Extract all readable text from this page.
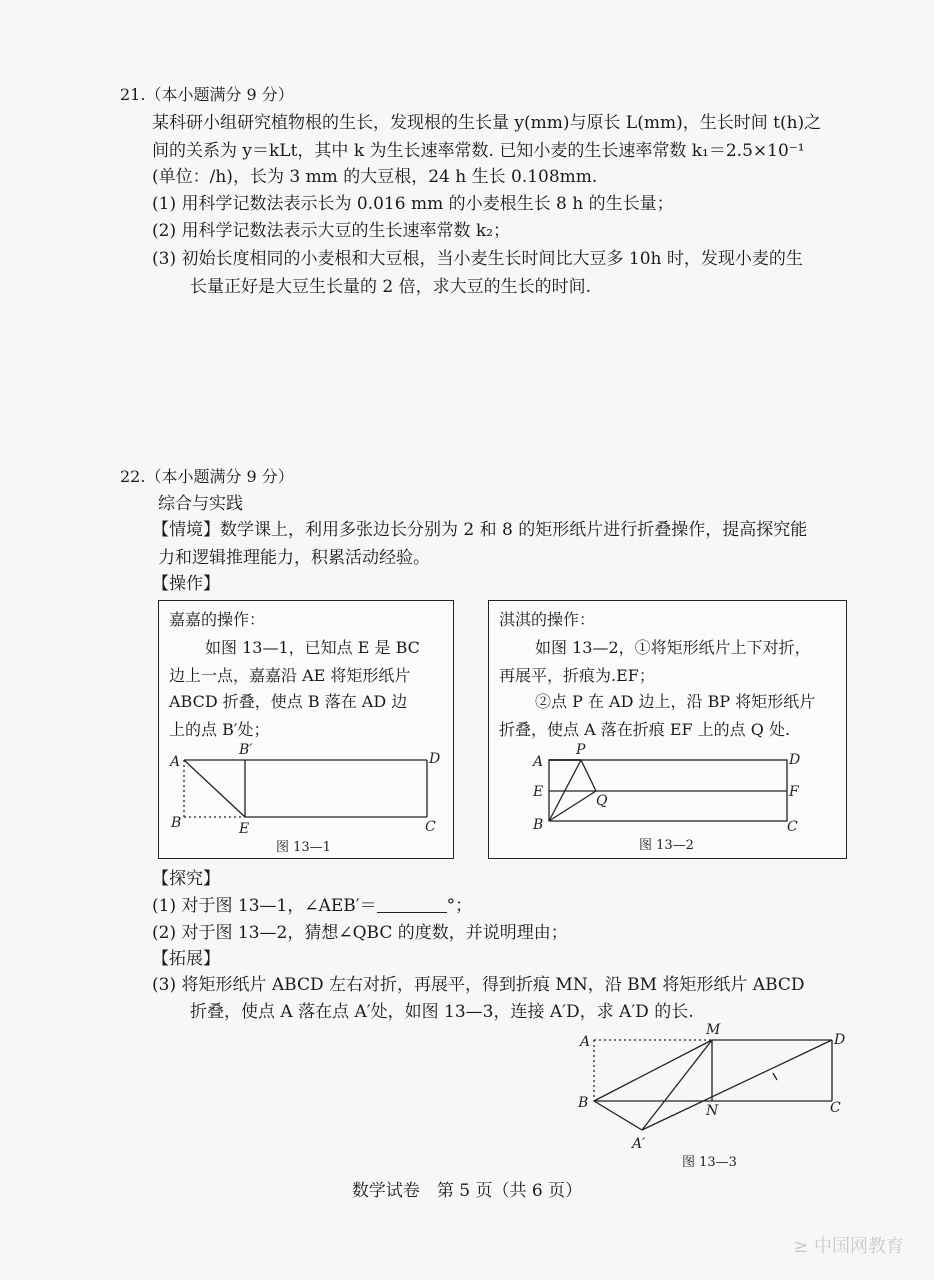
21.（本小题满分 9 分）
某科研小组研究植物根的生长，发现根的生长量 y(mm)与原长 L(mm)，生长时间 t(h)之
间的关系为 y＝kLt，其中 k 为生长速率常数. 已知小麦的生长速率常数 k₁＝2.5×10⁻¹
(单位：/h)，长为 3 mm 的大豆根，24 h 生长 0.108mm.
(1) 用科学记数法表示长为 0.016 mm 的小麦根生长 8 h 的生长量；
(2) 用科学记数法表示大豆的生长速率常数 k₂；
(3) 初始长度相同的小麦根和大豆根，当小麦生长时间比大豆多 10h 时，发现小麦的生
长量正好是大豆生长量的 2 倍，求大豆的生长的时间.
22.（本小题满分 9 分）
综合与实践
【情境】数学课上，利用多张边长分别为 2 和 8 的矩形纸片进行折叠操作，提高探究能
力和逻辑推理能力，积累活动经验。
【操作】
嘉嘉的操作：
如图 13—1，已知点 E 是 BC
边上一点，嘉嘉沿 AE 将矩形纸片
ABCD 折叠，使点 B 落在 AD 边
上的点 B′处；
A
B′
D
B	E	C
图 13—1
淇淇的操作：
如图 13—2，①将矩形纸片上下对折，
再展平，折痕为.EF；
②点 P 在 AD 边上，沿 BP 将矩形纸片
折叠，使点 A 落在折痕 EF 上的点 Q 处.
A
P
D
E
Q
F
B	C
图 13—2
【探究】
(1) 对于图 13—1，∠AEB′＝	°；
(2) 对于图 13—2，猜想∠QBC 的度数，并说明理由；
【拓展】
(3) 将矩形纸片 ABCD 左右对折，再展平，得到折痕 MN，沿 BM 将矩形纸片 ABCD
折叠，使点 A 落在点 A′处，如图 13—3，连接 A′D，求 A′D 的长.
A
M
D
B	N	C
A′
图 13—3
数学试卷　第 5 页（共 6 页）
≥ 中国网教育
